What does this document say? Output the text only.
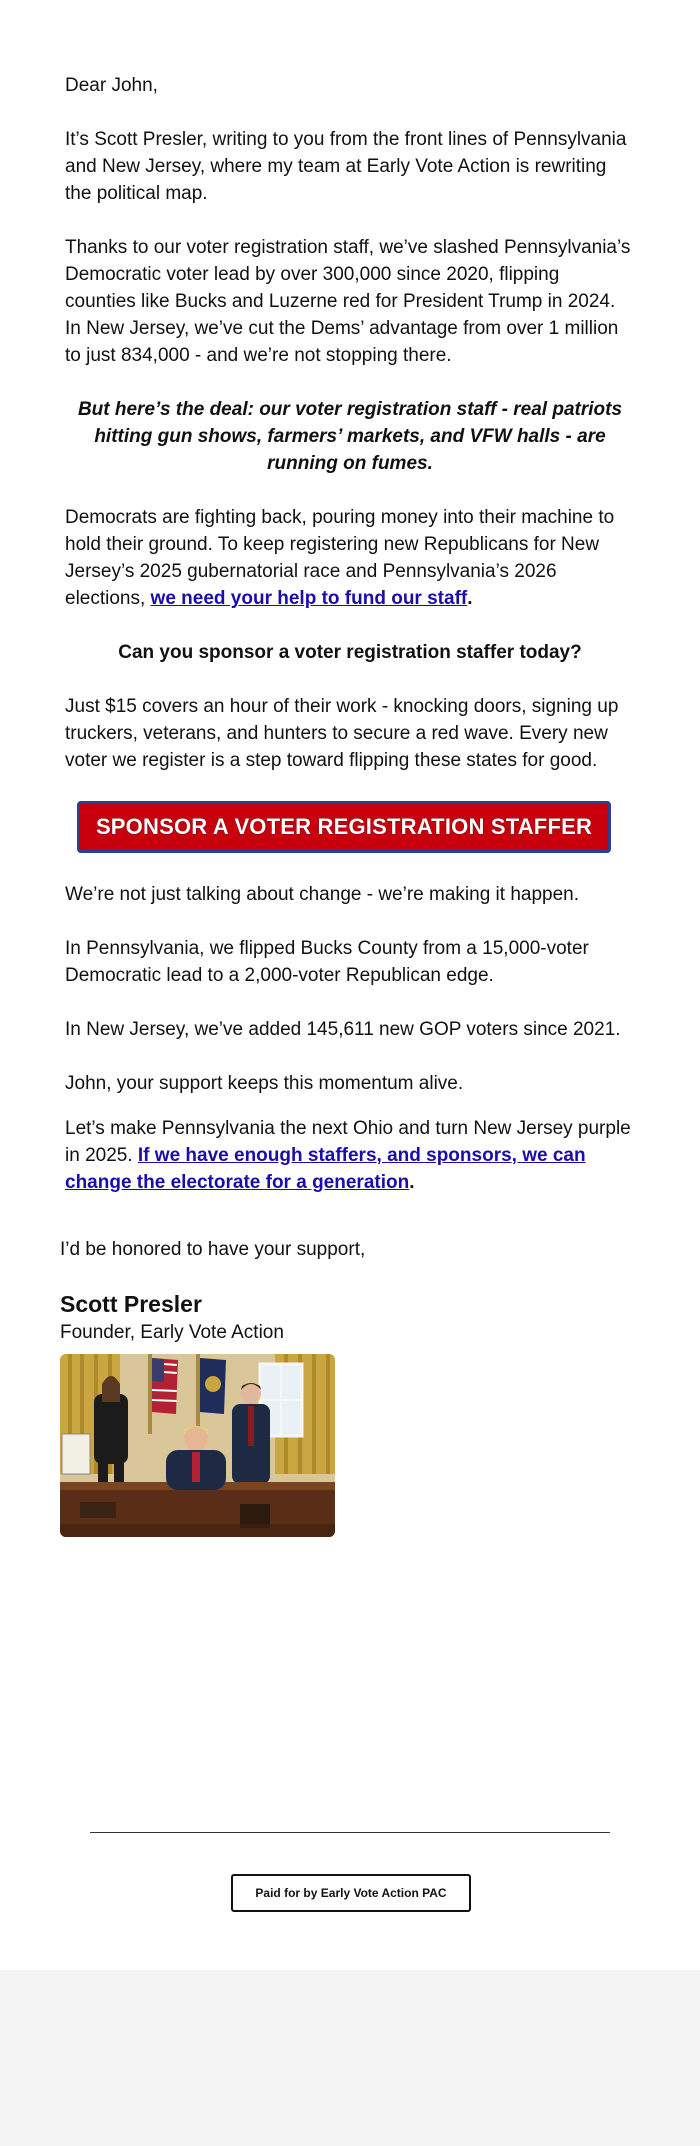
Dear John,

It’s Scott Presler, writing to you from the front lines of Pennsylvania and New Jersey, where my team at Early Vote Action is rewriting the political map.

Thanks to our voter registration staff, we’ve slashed Pennsylvania’s Democratic voter lead by over 300,000 since 2020, flipping counties like Bucks and Luzerne red for President Trump in 2024. In New Jersey, we’ve cut the Dems’ advantage from over 1 million to just 834,000 - and we’re not stopping there.

But here’s the deal: our voter registration staff - real patriots hitting gun shows, farmers’ markets, and VFW halls - are running on fumes.

Democrats are fighting back, pouring money into their machine to hold their ground. To keep registering new Republicans for New Jersey’s 2025 gubernatorial race and Pennsylvania’s 2026 elections, we need your help to fund our staff.

Can you sponsor a voter registration staffer today?

Just $15 covers an hour of their work - knocking doors, signing up truckers, veterans, and hunters to secure a red wave. Every new voter we register is a step toward flipping these states for good.

SPONSOR A VOTER REGISTRATION STAFFER

We’re not just talking about change - we’re making it happen.

In Pennsylvania, we flipped Bucks County from a 15,000-voter Democratic lead to a 2,000-voter Republican edge.

In New Jersey, we’ve added 145,611 new GOP voters since 2021.

John, your support keeps this momentum alive.

Let’s make Pennsylvania the next Ohio and turn New Jersey purple in 2025. If we have enough staffers, and sponsors, we can change the electorate for a generation.

I’d be honored to have your support,
Scott Presler
Founder, Early Vote Action
Paid for by Early Vote Action PAC
